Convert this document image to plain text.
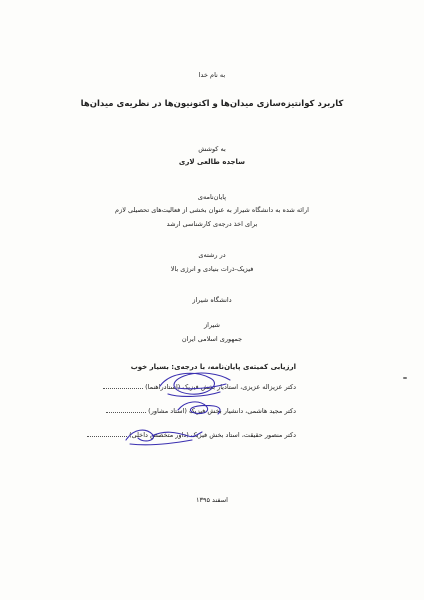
به نام خدا
کاربرد کوانتیزه‌سازی میدان‌ها و اکتونیون‌ها در نظریه‌ی میدان‌ها
به کوشش
ساجده طالعی لاری
پایان‌نامه‌ی
ارائه شده به دانشگاه شیراز به عنوان بخشی از فعالیت‌های تحصیلی لازم
برای اخذ درجه‌ی کارشناسی ارشد
در رشته‌ی
فیزیک-ذرات بنیادی و انرژی بالا
دانشگاه شیراز
شیراز
جمهوری اسلامی ایران
ارزیابی کمیته‌ی پایان‌نامه، با درجه‌ی: بسیار خوب
دکتر عزیزاله عزیزی، استادیار بخش فیزیک (استادراهنما)
دکتر مجید هاشمی، دانشیار بخش فیزیک (استاد مشاور)
دکتر منصور حقیقت، استاد بخش فیزیک (داور متخصص داخلی)
اسفند ۱۳۹۵
